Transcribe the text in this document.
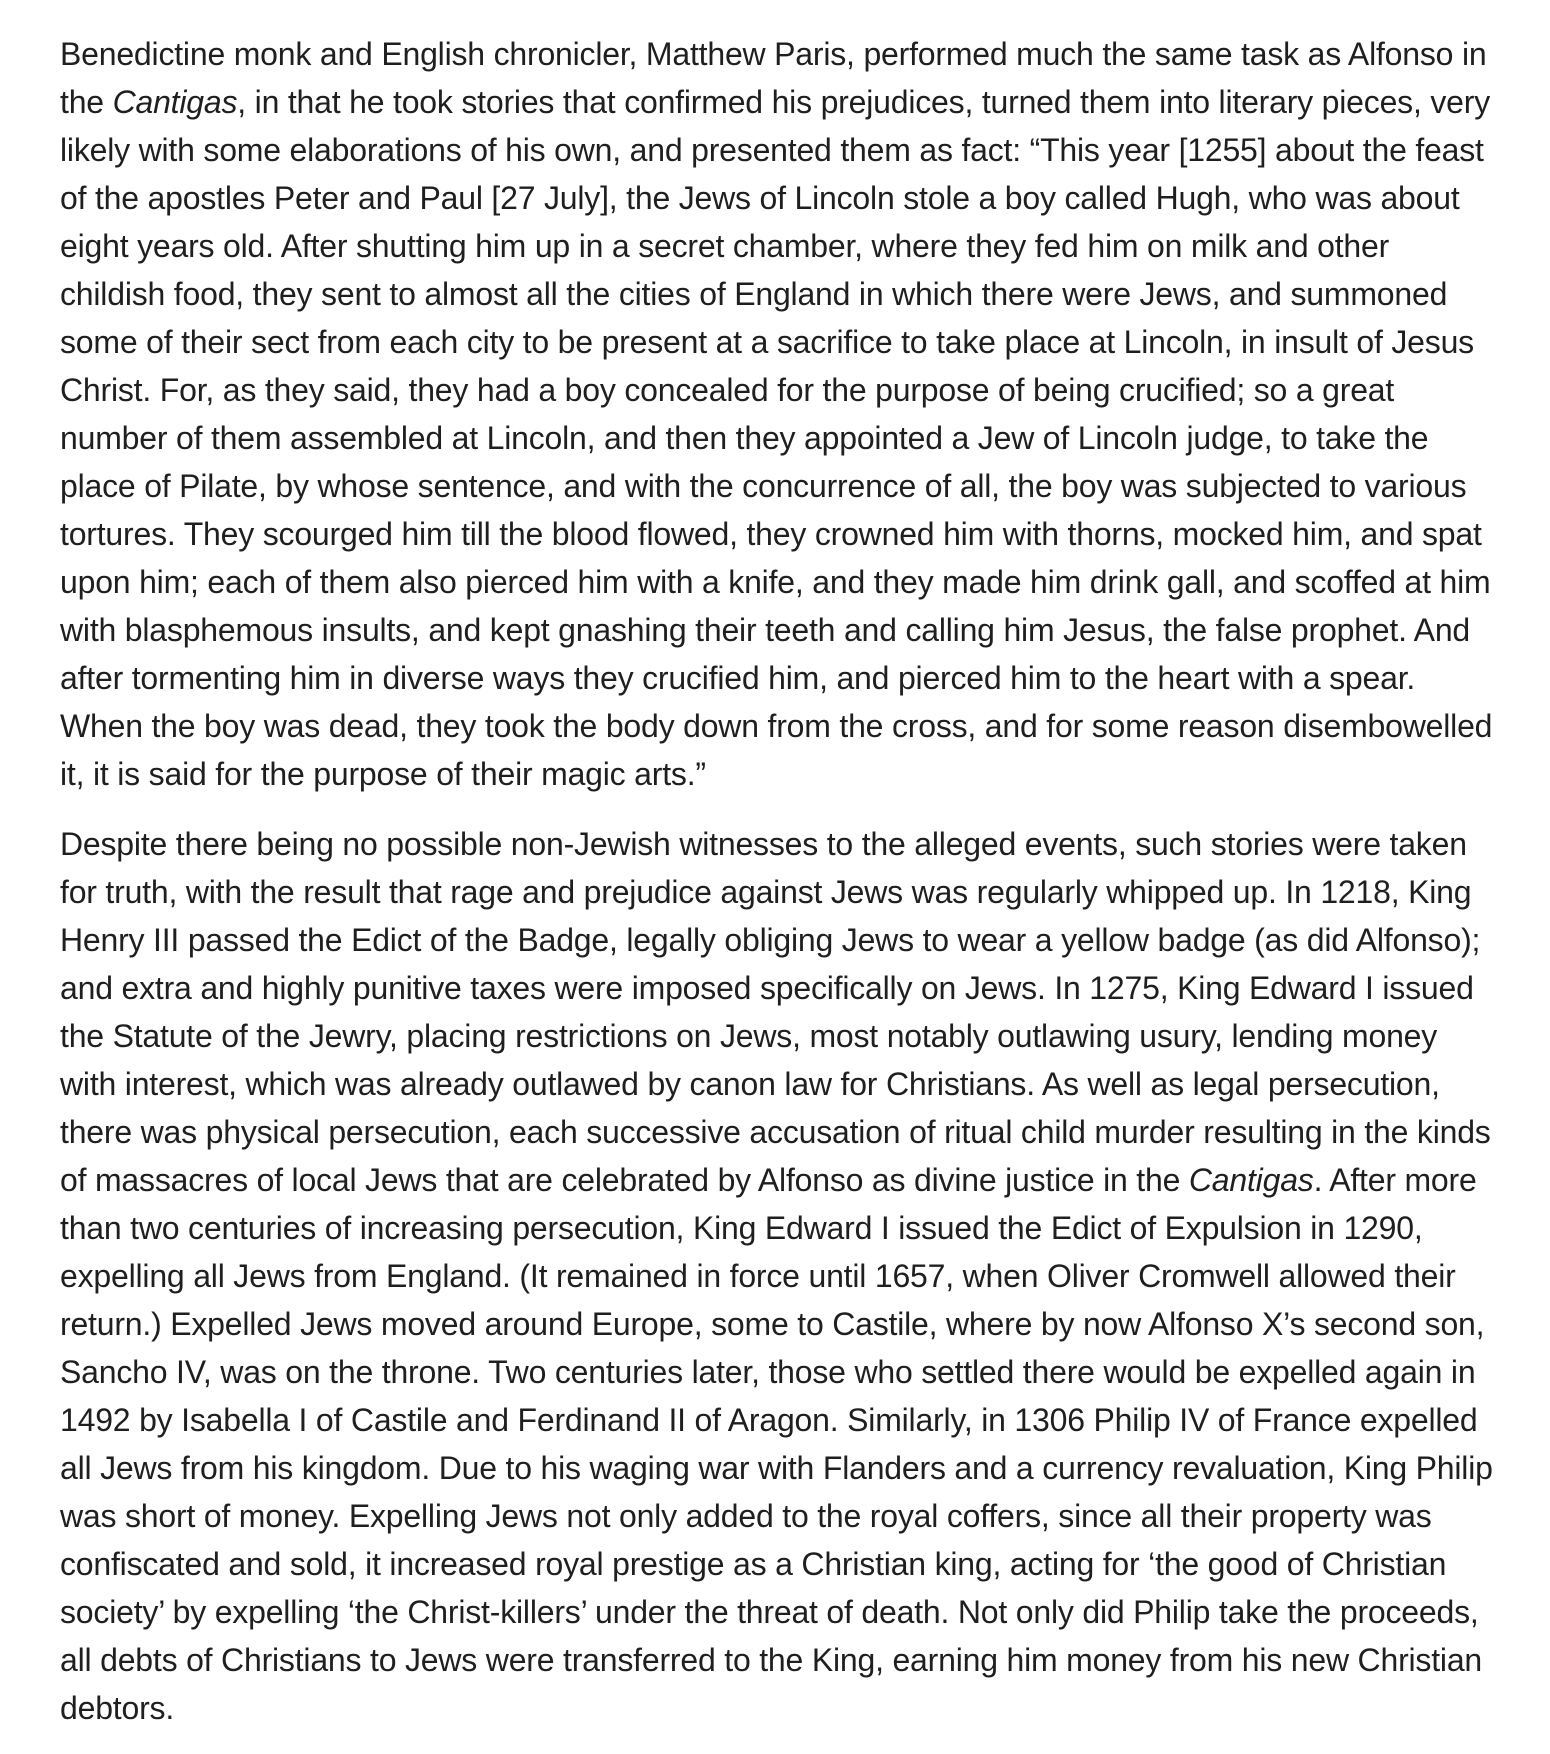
Benedictine monk and English chronicler, Matthew Paris, performed much the same task as Alfonso in the Cantigas, in that he took stories that confirmed his prejudices, turned them into literary pieces, very likely with some elaborations of his own, and presented them as fact: “This year [1255] about the feast of the apostles Peter and Paul [27 July], the Jews of Lincoln stole a boy called Hugh, who was about eight years old. After shutting him up in a secret chamber, where they fed him on milk and other childish food, they sent to almost all the cities of England in which there were Jews, and summoned some of their sect from each city to be present at a sacrifice to take place at Lincoln, in insult of Jesus Christ. For, as they said, they had a boy concealed for the purpose of being crucified; so a great number of them assembled at Lincoln, and then they appointed a Jew of Lincoln judge, to take the place of Pilate, by whose sentence, and with the concurrence of all, the boy was subjected to various tortures. They scourged him till the blood flowed, they crowned him with thorns, mocked him, and spat upon him; each of them also pierced him with a knife, and they made him drink gall, and scoffed at him with blasphemous insults, and kept gnashing their teeth and calling him Jesus, the false prophet. And after tormenting him in diverse ways they crucified him, and pierced him to the heart with a spear. When the boy was dead, they took the body down from the cross, and for some reason disembowelled it, it is said for the purpose of their magic arts.”

Despite there being no possible non-Jewish witnesses to the alleged events, such stories were taken for truth, with the result that rage and prejudice against Jews was regularly whipped up. In 1218, King Henry III passed the Edict of the Badge, legally obliging Jews to wear a yellow badge (as did Alfonso); and extra and highly punitive taxes were imposed specifically on Jews. In 1275, King Edward I issued the Statute of the Jewry, placing restrictions on Jews, most notably outlawing usury, lending money with interest, which was already outlawed by canon law for Christians. As well as legal persecution, there was physical persecution, each successive accusation of ritual child murder resulting in the kinds of massacres of local Jews that are celebrated by Alfonso as divine justice in the Cantigas. After more than two centuries of increasing persecution, King Edward I issued the Edict of Expulsion in 1290, expelling all Jews from England. (It remained in force until 1657, when Oliver Cromwell allowed their return.) Expelled Jews moved around Europe, some to Castile, where by now Alfonso X’s second son, Sancho IV, was on the throne. Two centuries later, those who settled there would be expelled again in 1492 by Isabella I of Castile and Ferdinand II of Aragon. Similarly, in 1306 Philip IV of France expelled all Jews from his kingdom. Due to his waging war with Flanders and a currency revaluation, King Philip was short of money. Expelling Jews not only added to the royal coffers, since all their property was confiscated and sold, it increased royal prestige as a Christian king, acting for ‘the good of Christian society’ by expelling ‘the Christ-killers’ under the threat of death. Not only did Philip take the proceeds, all debts of Christians to Jews were transferred to the King, earning him money from his new Christian debtors.
